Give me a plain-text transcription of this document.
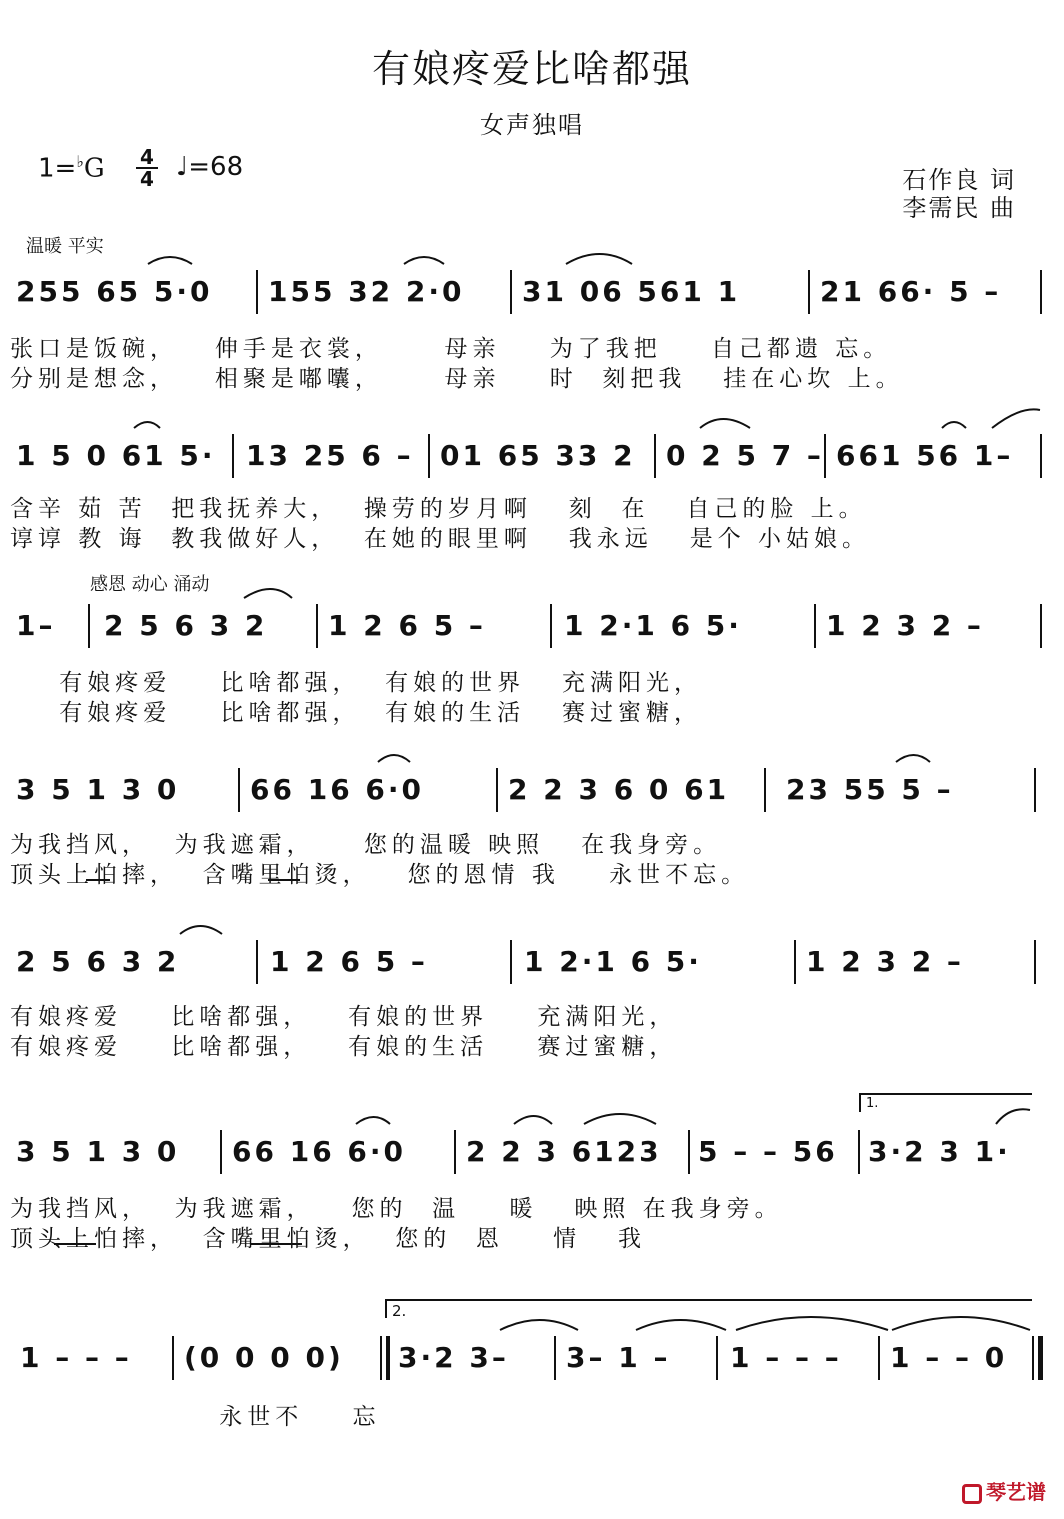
有娘疼爱比啥都强
女声独唱
1=♭G 4
4 ♩=68	石作良 词
李需民 曲
温暖 平实
感恩 动心 涌动
255 65 5·0 155 32 2·0 31 06 561 1	21 66· 5 –
张口是饭碗，   伸手是衣裳，     母亲    为了我把    自己都遗 忘。
分别是想念，   相聚是嘟囔，     母亲    时  刻把我   挂在心坎 上。
1 5 0 61 5· 13 25 6 – 01 65 33 2 0 2 5 7 – 661 56 1–
含辛 茹 苦  把我抚养大，  操劳的岁月啊   刻  在   自己的脸 上。
谆谆 教 诲  教我做好人，  在她的眼里啊   我永远   是个 小姑娘。
1– 2 5 6 3 2 1 2 6 5 –	1 2·1 6 5·	1 2 3 2 –
有娘疼爱    比啥都强，  有娘的世界   充满阳光，
有娘疼爱    比啥都强，  有娘的生活   赛过蜜糖，
3 5 1 3 0	66 16 6·0	2 2 3 6 0 61 23 55 5 –
为我挡风，  为我遮霜，    您的温暖 映照   在我身旁。
顶头上怕摔，  含嘴里怕烫，   您的恩情 我    永世不忘。
2 5 6 3 2	1 2 6 5 –	1 2·1 6 5·	1 2 3 2 –
有娘疼爱    比啥都强，   有娘的世界    充满阳光，
有娘疼爱    比啥都强，   有娘的生活    赛过蜜糖，
1.
3 5 1 3 0 66 16 6·0 2 2 3 6123 5 – – 56 3·2 3 1·
为我挡风，  为我遮霜，   您的  温    暖   映照 在我身旁。
顶头上怕摔，  含嘴里怕烫，  您的  恩    情   我
2.
1 – – – (0 0 0 0) 3·2 3– 3– 1 – 1 – – – 1 – – 0
永世不    忘
琴艺谱
